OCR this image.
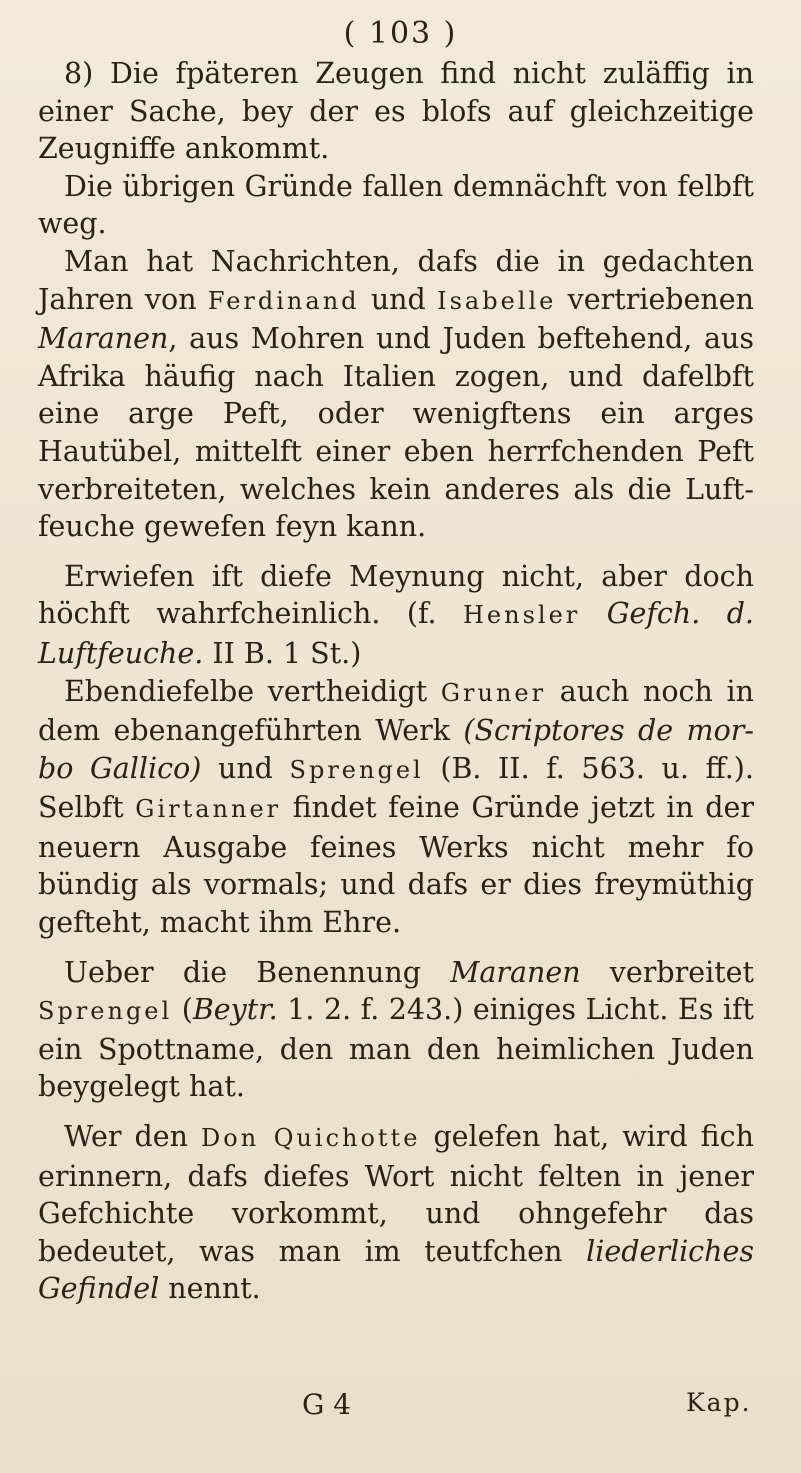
( 103 )

8) Die fpäteren Zeugen find nicht zuläffig in einer Sache, bey der es blofs auf gleichzeitige Zeugniffe ankommt.

Die übrigen Gründe fallen demnächft von felbft weg.

Man hat Nachrichten, dafs die in gedachten Jahren von Ferdinand und Isabelle vertriebenen Maranen, aus Mohren und Juden beftehend, aus Afrika häufig nach Italien zogen, und dafelbft eine arge Peft, oder wenigftens ein arges Hautübel, mittelft einer eben herrfchenden Peft verbreiteten, welches kein anderes als die Luftfeuche gewefen feyn kann.

Erwiefen ift diefe Meynung nicht, aber doch höchft wahrfcheinlich. (f. Hensler Gefch. d. Luftfeuche. II B. 1 St.)

Ebendiefelbe vertheidigt Gruner auch noch in dem ebenangeführten Werk (Scriptores de morbo Gallico) und Sprengel (B. II. f. 563. u. ff.). Selbft Girtanner findet feine Gründe jetzt in der neuern Ausgabe feines Werks nicht mehr fo bündig als vormals; und dafs er dies freymüthig gefteht, macht ihm Ehre.

Ueber die Benennung Maranen verbreitet Sprengel (Beytr. 1. 2. f. 243.) einiges Licht. Es ift ein Spottname, den man den heimlichen Juden beygelegt hat.

Wer den Don Quichotte gelefen hat, wird fich erinnern, dafs diefes Wort nicht felten in jener Gefchichte vorkommt, und ohngefehr das bedeutet, was man im teutfchen liederliches Gefindel nennt.

G 4	Kap.
